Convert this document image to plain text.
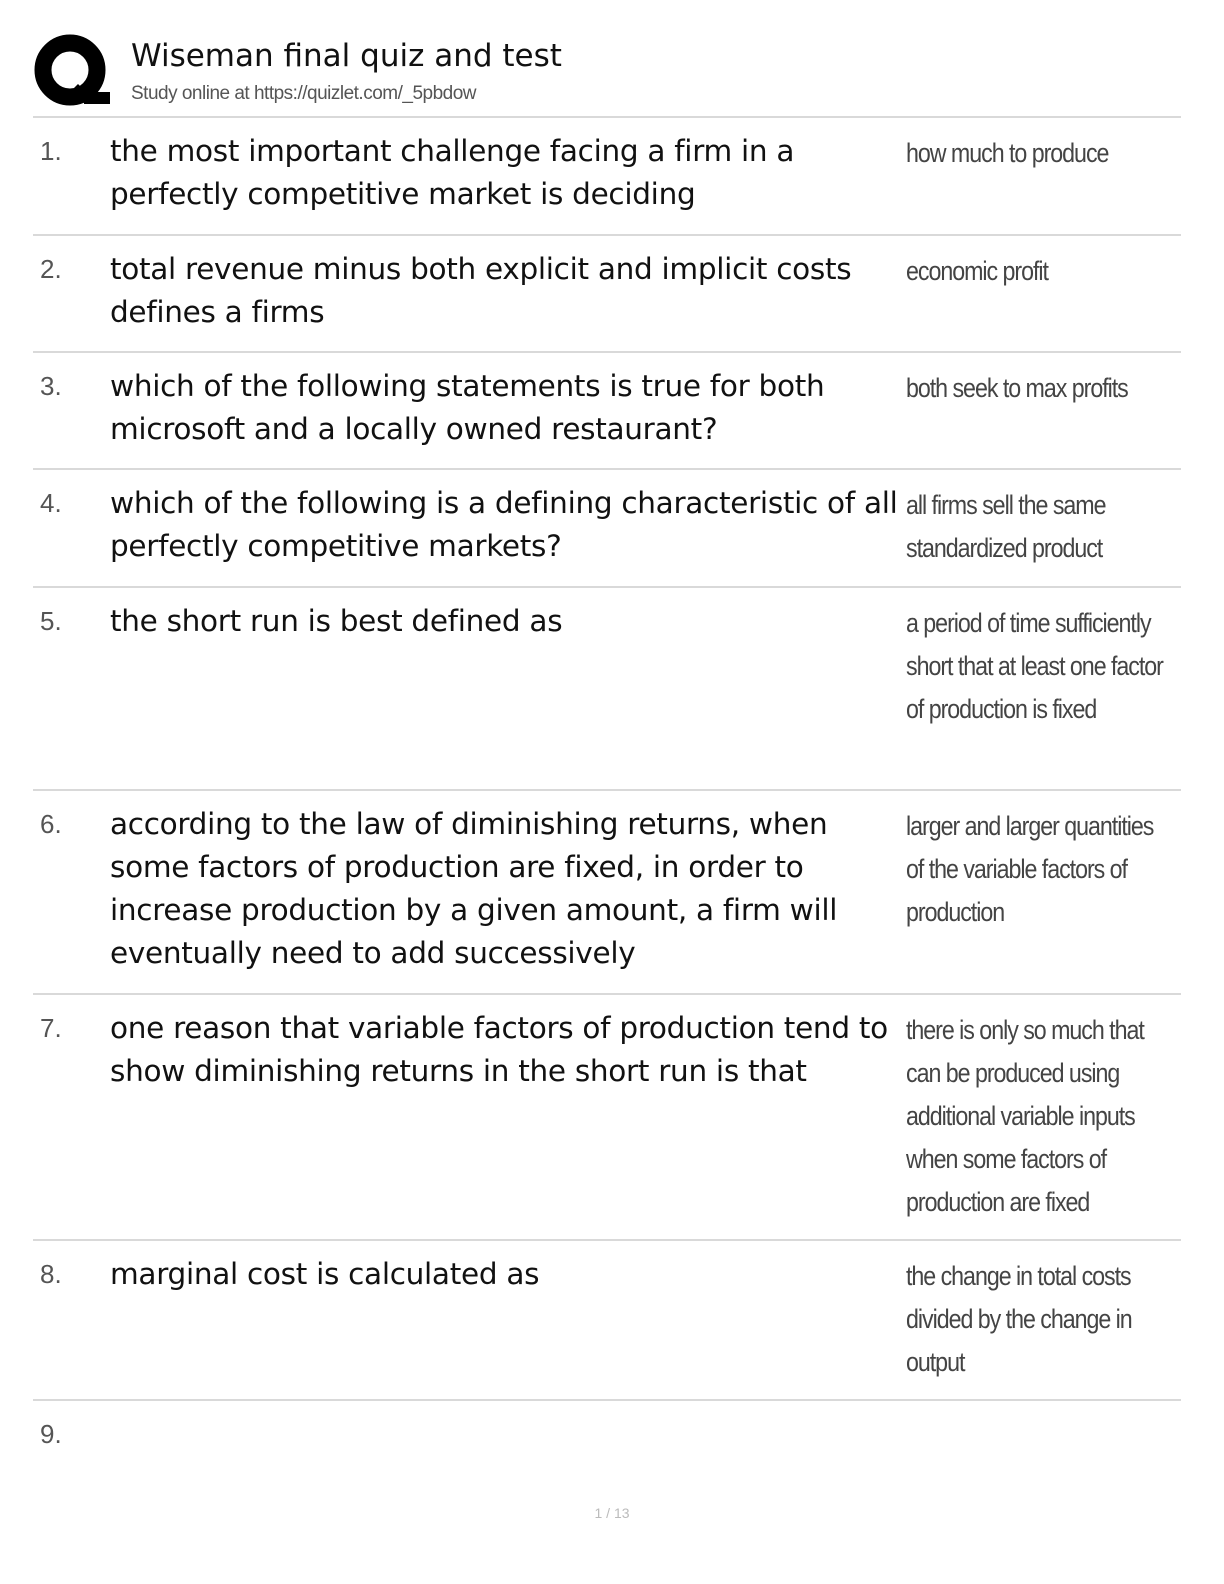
Wiseman final quiz and test
Study online at https://quizlet.com/_5pbdow
1. the most important challenge facing a firm in a perfectly competitive market is deciding
how much to produce
2. total revenue minus both explicit and implicit costs defines a firms
economic profit
3. which of the following statements is true for both microsoft and a locally owned restaurant?
both seek to max profits
4. which of the following is a defining characteristic of all perfectly competitive markets?
all firms sell the same standardized product
5. the short run is best defined as	a period of time sufficiently short that at least one factor of production is fixed
6. according to the law of diminishing returns, when some factors of production are fixed, in order to increase production by a given amount, a firm will eventually need to add successively
larger and larger quantities of the variable factors of production
7. one reason that variable factors of production tend to show diminishing returns in the short run is that
there is only so much that can be produced using additional variable inputs when some factors of production are fixed
8. marginal cost is calculated as	the change in total costs divided by the change in output
9.
1 / 13
